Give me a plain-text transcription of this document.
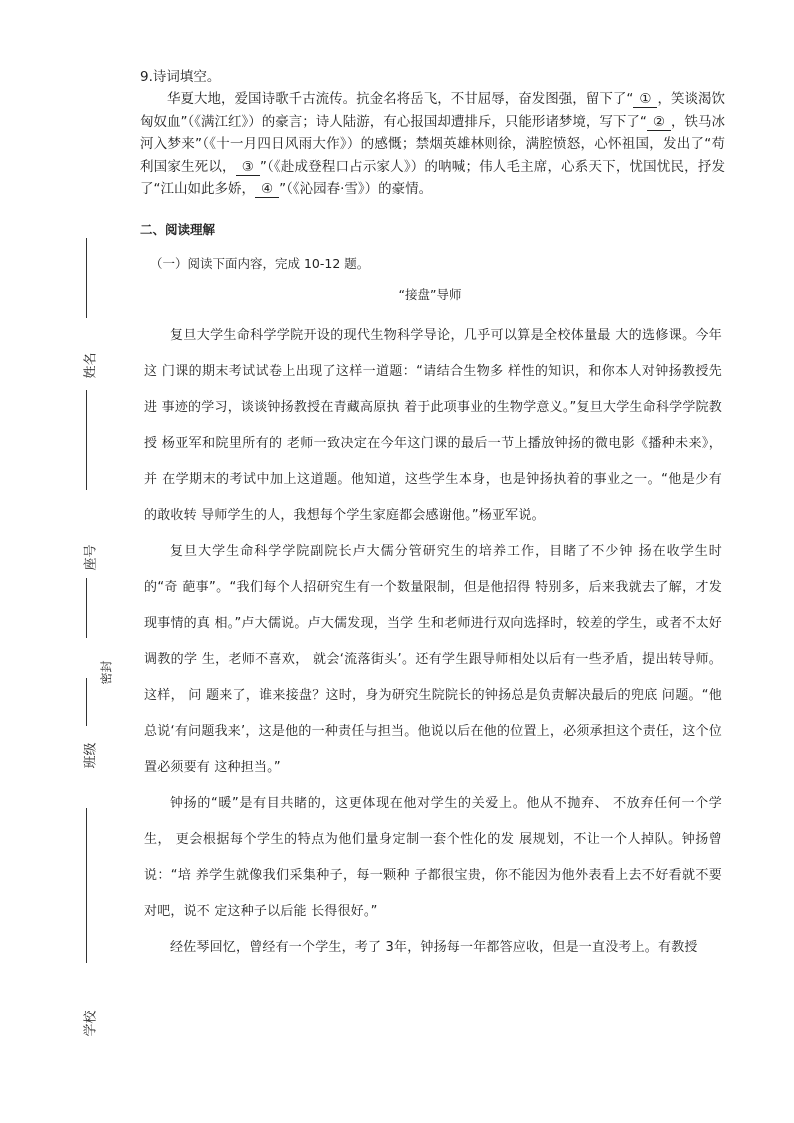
姓名
座号
密封
班级
学校

9.诗词填空。

华夏大地，爱国诗歌千古流传。抗金名将岳飞，不甘屈辱，奋发图强，留下了“ ① ，笑谈渴饮匈奴血”（《满江红》）的豪言；诗人陆游，有心报国却遭排斥，只能形诸梦境，写下了“ ② ，铁马冰河入梦来”（《十一月四日风雨大作》）的感慨；禁烟英雄林则徐，满腔愤怒，心怀祖国，发出了“苟利国家生死以， ③ ”（《赴成登程口占示家人》）的呐喊；伟人毛主席，心系天下，忧国忧民，抒发了“江山如此多娇， ④ ”（《沁园春·雪》）的豪情。

二、阅读理解

（一）阅读下面内容，完成 10-12 题。

“接盘”导师

复旦大学生命科学学院开设的现代生物科学导论，几乎可以算是全校体量最 大的选修课。今年这 门课的期末考试试卷上出现了这样一道题：“请结合生物多 样性的知识，和你本人对钟扬教授先进 事迹的学习，谈谈钟扬教授在青藏高原执 着于此项事业的生物学意义。”复旦大学生命科学学院教授 杨亚军和院里所有的 老师一致决定在今年这门课的最后一节上播放钟扬的微电影《播种未来》，并 在学期末的考试中加上这道题。他知道，这些学生本身，也是钟扬执着的事业之一。“他是少有的敢收转 导师学生的人，我想每个学生家庭都会感谢他。”杨亚军说。

复旦大学生命科学学院副院长卢大儒分管研究生的培养工作，目睹了不少钟 扬在收学生时的“奇 葩事”。“我们每个人招研究生有一个数量限制，但是他招得 特别多，后来我就去了解，才发现事情的真 相。”卢大儒说。卢大儒发现，当学 生和老师进行双向选择时，较差的学生，或者不太好调教的学 生，老师不喜欢， 就会‘流落街头’。还有学生跟导师相处以后有一些矛盾，提出转导师。这样， 问 题来了，谁来接盘？这时，身为研究生院院长的钟扬总是负责解决最后的兜底 问题。“他总说‘有问题我来’，这是他的一种责任与担当。他说以后在他的位置上，必须承担这个责任，这个位置必须要有 这种担当。”

钟扬的“暖”是有目共睹的，这更体现在他对学生的关爱上。他从不抛弃、 不放弃任何一个学生， 更会根据每个学生的特点为他们量身定制一套个性化的发 展规划，不让一个人掉队。钟扬曾说：“培 养学生就像我们采集种子，每一颗种 子都很宝贵，你不能因为他外表看上去不好看就不要对吧，说不 定这种子以后能 长得很好。”

经佐琴回忆，曾经有一个学生，考了 3年，钟扬每一年都答应收，但是一直没考上。有教授
